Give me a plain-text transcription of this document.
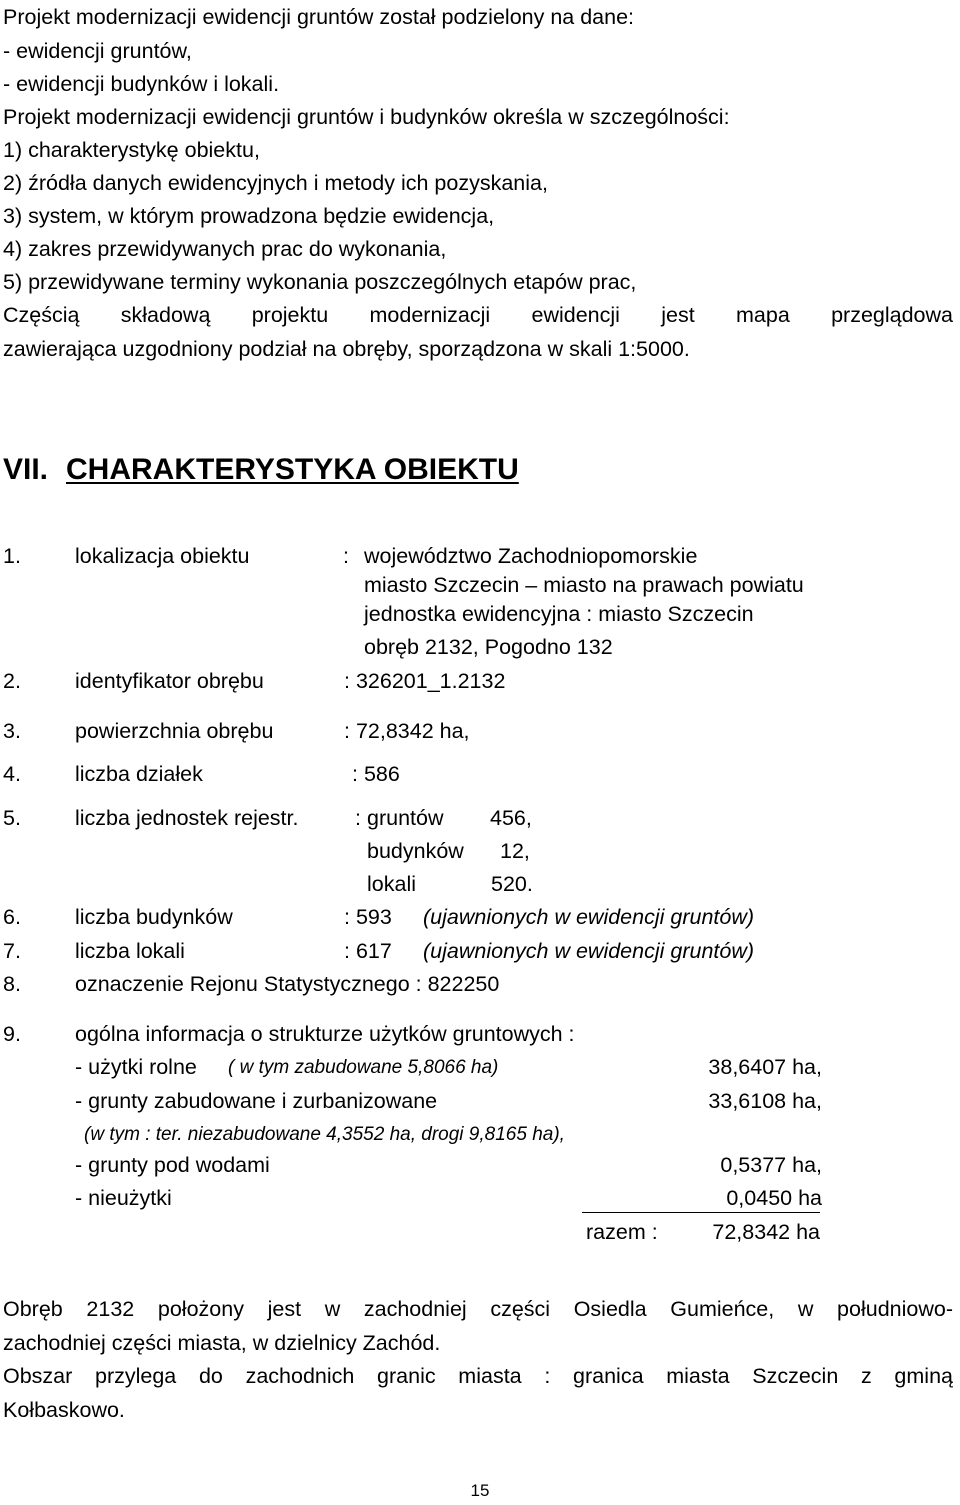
Projekt modernizacji ewidencji gruntów został podzielony na dane:
- ewidencji gruntów,
- ewidencji budynków i lokali.
Projekt modernizacji ewidencji gruntów i budynków określa w szczególności:
1) charakterystykę obiektu,
2) źródła danych ewidencyjnych i metody ich pozyskania,
3) system, w którym prowadzona będzie ewidencja,
4) zakres przewidywanych prac do wykonania,
5) przewidywane terminy wykonania poszczególnych etapów prac,
Częścią składową projektu modernizacji ewidencji jest mapa przeglądowa
zawierająca uzgodniony podział na obręby, sporządzona w skali 1:5000.
VII. CHARAKTERYSTYKA OBIEKTU
1.	lokalizacja obiektu	: województwo Zachodniopomorskie
miasto Szczecin – miasto na prawach powiatu
jednostka ewidencyjna : miasto Szczecin
obręb 2132, Pogodno 132
2.	identyfikator obrębu	: 326201_1.2132
3.	powierzchnia obrębu	: 72,8342 ha,
4.	liczba działek	: 586
5.	liczba jednostek rejestr.	: gruntów 456,
budynków 12,
lokali	520.
6.	liczba budynków	: 593 (ujawnionych w ewidencji gruntów)
7.	liczba lokali	: 617 (ujawnionych w ewidencji gruntów)
8.	oznaczenie Rejonu Statystycznego : 822250
9.	ogólna informacja o strukturze użytków gruntowych :
- użytki rolne ( w tym zabudowane 5,8066 ha)	38,6407 ha,
- grunty zabudowane i zurbanizowane	33,6108 ha,
(w tym : ter. niezabudowane 4,3552 ha, drogi 9,8165 ha),
- grunty pod wodami	0,5377 ha,
- nieużytki	0,0450 ha
razem :	72,8342 ha
Obręb 2132 położony jest w zachodniej części Osiedla Gumieńce, w południowo-
zachodniej części miasta, w dzielnicy Zachód.
Obszar przylega do zachodnich granic miasta : granica miasta Szczecin z gminą
Kołbaskowo.
15
